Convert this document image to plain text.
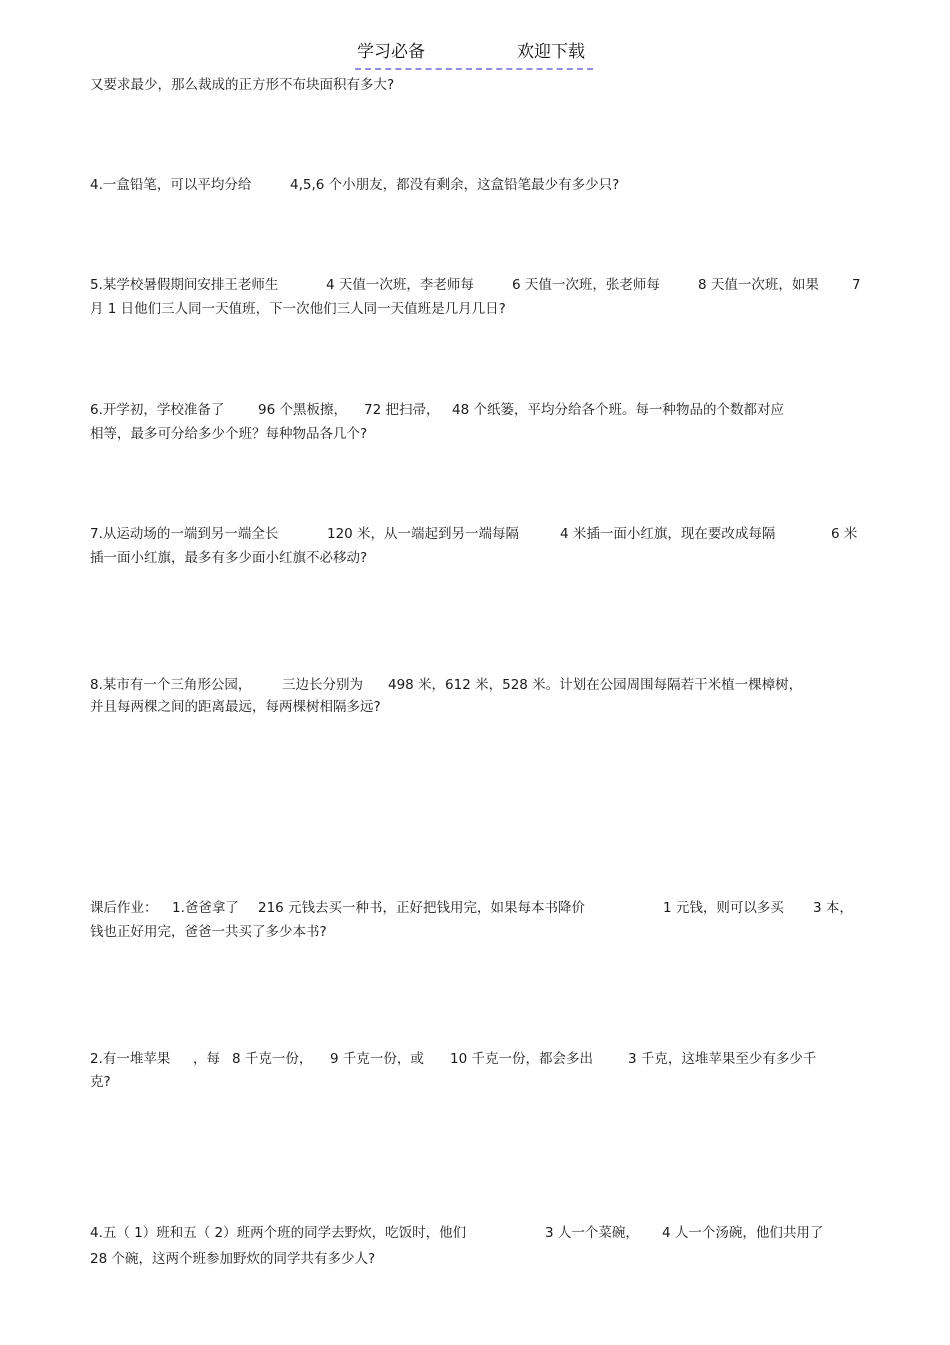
学习必备	欢迎下载
又要求最少，那么裁成的正方形不布块面积有多大?
4.一盒铅笔，可以平均分给	4,5,6 个小朋友，都没有剩余，这盒铅笔最少有多少只?
5.某学校暑假期间安排王老师生	4 天值一次班，李老师每	6 天值一次班，张老师每	8 天值一次班，如果 7
月 1 日他们三人同一天值班，下一次他们三人同一天值班是几月几日?
6.开学初，学校准备了 96 个黑板擦， 72 把扫帚， 48 个纸篓，平均分给各个班。每一种物品的个数都对应
相等，最多可分给多少个班？每种物品各几个?
7.从运动场的一端到另一端全长	120 米，从一端起到另一端每隔	4 米插一面小红旗，现在要改成每隔	6 米
插一面小红旗，最多有多少面小红旗不必移动?
8.某市有一个三角形公园， 三边长分别为 498 米，612 米，528 米。计划在公园周围每隔若干米植一棵樟树，
并且每两棵之间的距离最远，每两棵树相隔多远?
课后作业： 1.爸爸拿了 216 元钱去买一种书，正好把钱用完，如果每本书降价	1 元钱，则可以多买 3 本，
钱也正好用完，爸爸一共买了多少本书?
2.有一堆苹果 ，每 8 千克一份， 9 千克一份，或 10 千克一份，都会多出	3 千克，这堆苹果至少有多少千
克?
4.五（ 1）班和五（ 2）班两个班的同学去野炊，吃饭时，他们	3 人一个菜碗， 4 人一个汤碗，他们共用了
28 个碗，这两个班参加野炊的同学共有多少人?
